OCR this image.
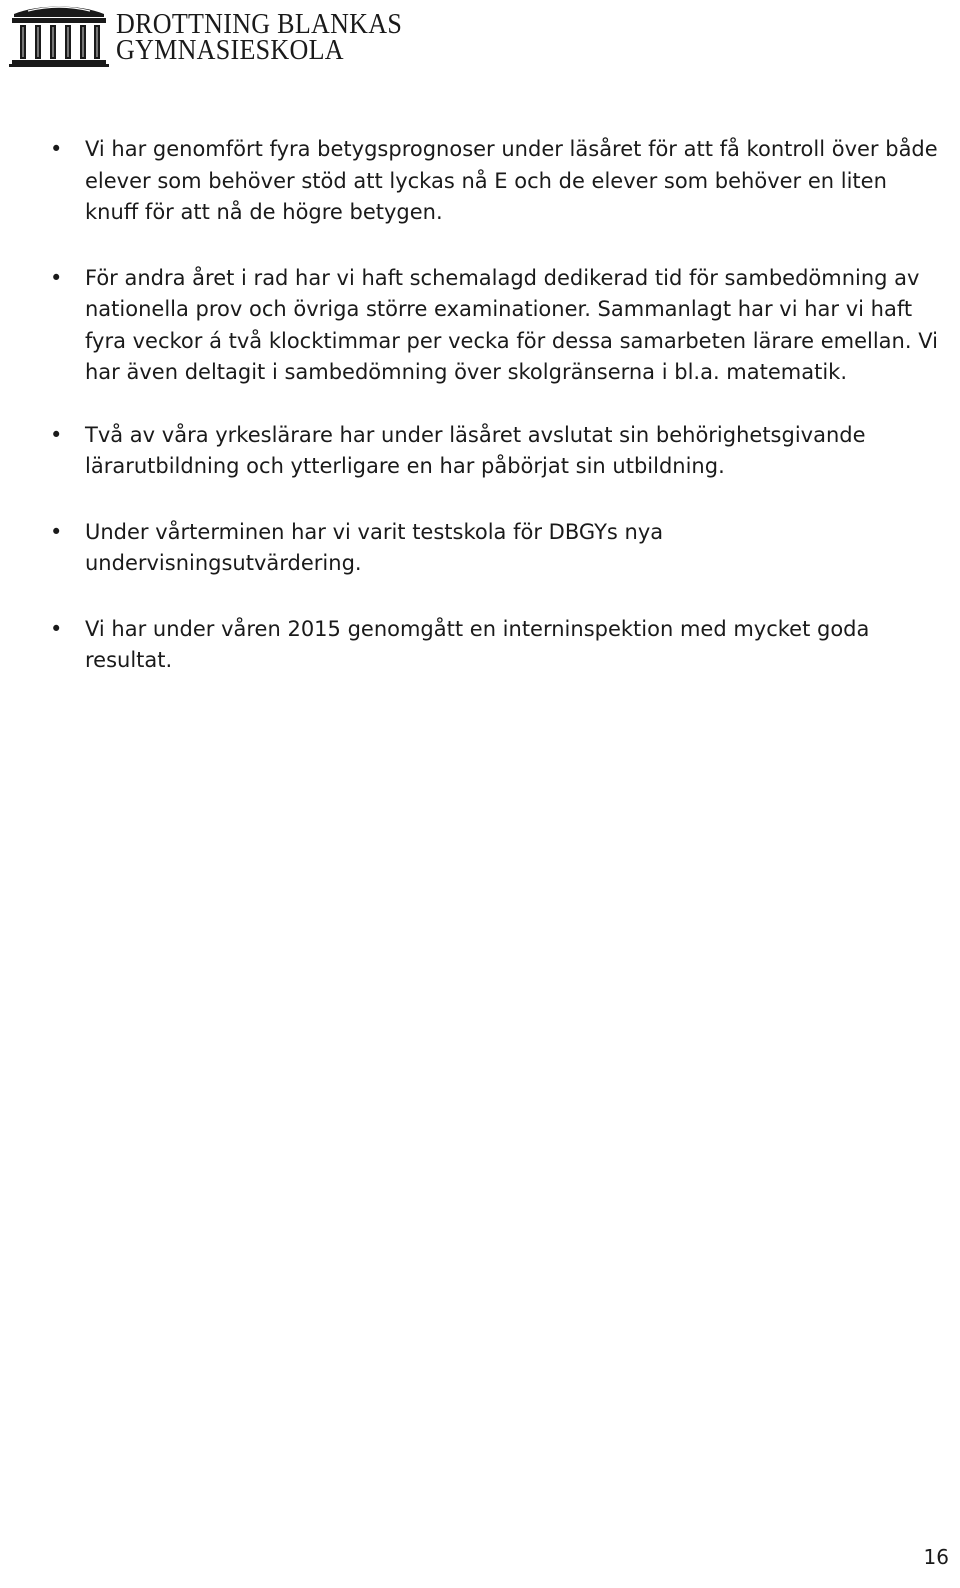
DROTTNING BLANKAS
GYMNASIESKOLA
• Vi har genomfört fyra betygsprognoser under läsåret för att få kontroll över både elever som behöver stöd att lyckas nå E och de elever som behöver en liten knuff för att nå de högre betygen.
• För andra året i rad har vi haft schemalagd dedikerad tid för sambedömning av nationella prov och övriga större examinationer. Sammanlagt har vi har vi haft fyra veckor á två klocktimmar per vecka för dessa samarbeten lärare emellan. Vi har även deltagit i sambedömning över skolgränserna i bl.a. matematik.
• Två av våra yrkeslärare har under läsåret avslutat sin behörighetsgivande lärarutbildning och ytterligare en har påbörjat sin utbildning.
• Under vårterminen har vi varit testskola för DBGYs nya undervisningsutvärdering.
• Vi har under våren 2015 genomgått en interninspektion med mycket goda resultat.
16
